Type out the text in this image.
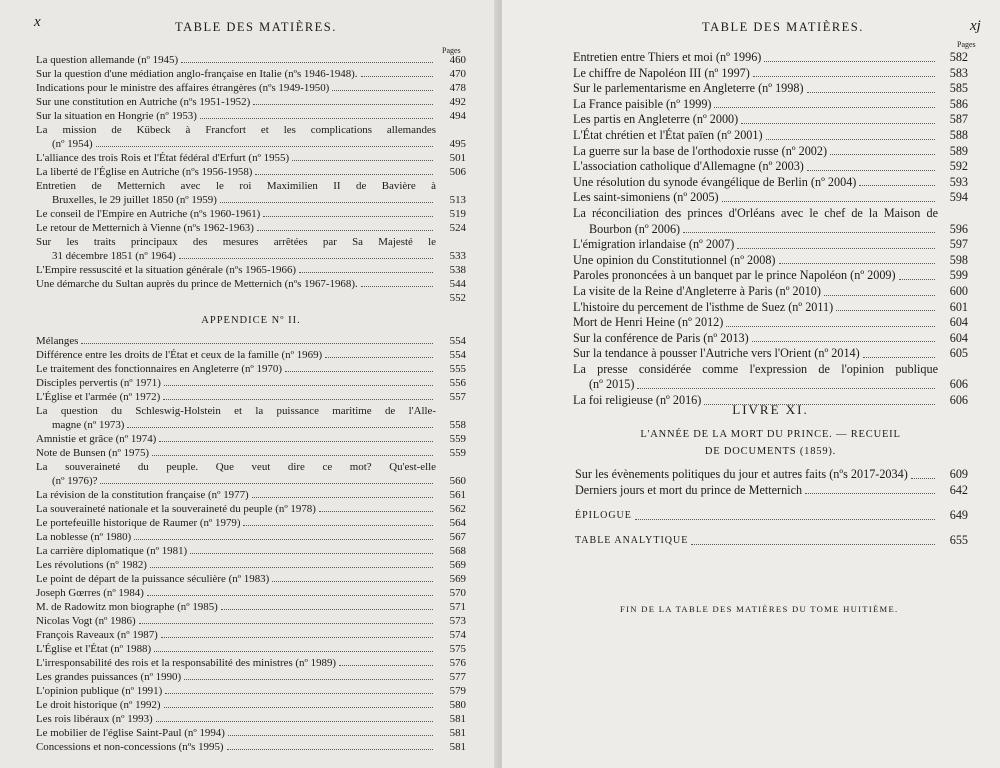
x	TABLE DES MATIÈRES.
Pages
La question allemande (nº 1945)	460
Sur la question d'une médiation anglo-française en Italie (nºs 1946-1948).	470
Indications pour le ministre des affaires étrangères (nºs 1949-1950)	478
Sur une constitution en Autriche (nºs 1951-1952)	492
Sur la situation en Hongrie (nº 1953)	494
La mission de Kübeck à Francfort et les complications allemandes
(nº 1954)	495
L'alliance des trois Rois et l'État fédéral d'Erfurt (nº 1955)	501
La liberté de l'Église en Autriche (nºs 1956-1958)	506
Entretien de Metternich avec le roi Maximilien II de Bavière à
Bruxelles, le 29 juillet 1850 (nº 1959)	513
Le conseil de l'Empire en Autriche (nºs 1960-1961)	519
Le retour de Metternich à Vienne (nºs 1962-1963)	524
Sur les traits principaux des mesures arrêtées par Sa Majesté le
31 décembre 1851 (nº 1964)	533
L'Empire ressuscité et la situation générale (nºs 1965-1966)	538
Une démarche du Sultan auprès du prince de Metternich (nºs 1967-1968).	544
552
APPENDICE Nº II.
Mélanges	554
Différence entre les droits de l'État et ceux de la famille (nº 1969)	554
Le traitement des fonctionnaires en Angleterre (nº 1970)	555
Disciples pervertis (nº 1971)	556
L'Église et l'armée (nº 1972)	557
La question du Schleswig-Holstein et la puissance maritime de l'Alle-
magne (nº 1973)	558
Amnistie et grâce (nº 1974)	559
Note de Bunsen (nº 1975)	559
La souveraineté du peuple. Que veut dire ce mot? Qu'est-elle
(nº 1976)?	560
La révision de la constitution française (nº 1977)	561
La souveraineté nationale et la souveraineté du peuple (nº 1978)	562
Le portefeuille historique de Raumer (nº 1979)	564
La noblesse (nº 1980)	567
La carrière diplomatique (nº 1981)	568
Les révolutions (nº 1982)	569
Le point de départ de la puissance séculière (nº 1983)	569
Joseph Gœrres (nº 1984)	570
M. de Radowitz mon biographe (nº 1985)	571
Nicolas Vogt (nº 1986)	573
François Raveaux (nº 1987)	574
L'Église et l'État (nº 1988)	575
L'irresponsabilité des rois et la responsabilité des ministres (nº 1989)	576
Les grandes puissances (nº 1990)	577
L'opinion publique (nº 1991)	579
Le droit historique (nº 1992)	580
Les rois libéraux (nº 1993)	581
Le mobilier de l'église Saint-Paul (nº 1994)	581
Concessions et non-concessions (nºs 1995)	581
TABLE DES MATIÈRES.	xj
Pages
Entretien entre Thiers et moi (nº 1996)	582
Le chiffre de Napoléon III (nº 1997)	583
Sur le parlementarisme en Angleterre (nº 1998)	585
La France paisible (nº 1999)	586
Les partis en Angleterre (nº 2000)	587
L'État chrétien et l'État païen (nº 2001)	588
La guerre sur la base de l'orthodoxie russe (nº 2002)	589
L'association catholique d'Allemagne (nº 2003)	592
Une résolution du synode évangélique de Berlin (nº 2004)	593
Les saint-simoniens (nº 2005)	594
La réconciliation des princes d'Orléans avec le chef de la Maison de
Bourbon (nº 2006)	596
L'émigration irlandaise (nº 2007)	597
Une opinion du Constitutionnel (nº 2008)	598
Paroles prononcées à un banquet par le prince Napoléon (nº 2009)	599
La visite de la Reine d'Angleterre à Paris (nº 2010)	600
L'histoire du percement de l'isthme de Suez (nº 2011)	601
Mort de Henri Heine (nº 2012)	604
Sur la conférence de Paris (nº 2013)	604
Sur la tendance à pousser l'Autriche vers l'Orient (nº 2014)	605
La presse considérée comme l'expression de l'opinion publique
(nº 2015)	606
La foi religieuse (nº 2016)	606
LIVRE XI.
L'ANNÉE DE LA MORT DU PRINCE. — RECUEIL
DE DOCUMENTS (1859).
Sur les évènements politiques du jour et autres faits (nºs 2017-2034)	609
Derniers jours et mort du prince de Metternich	642
ÉPILOGUE	649
TABLE ANALYTIQUE	655
FIN DE LA TABLE DES MATIÈRES DU TOME HUITIÈME.
